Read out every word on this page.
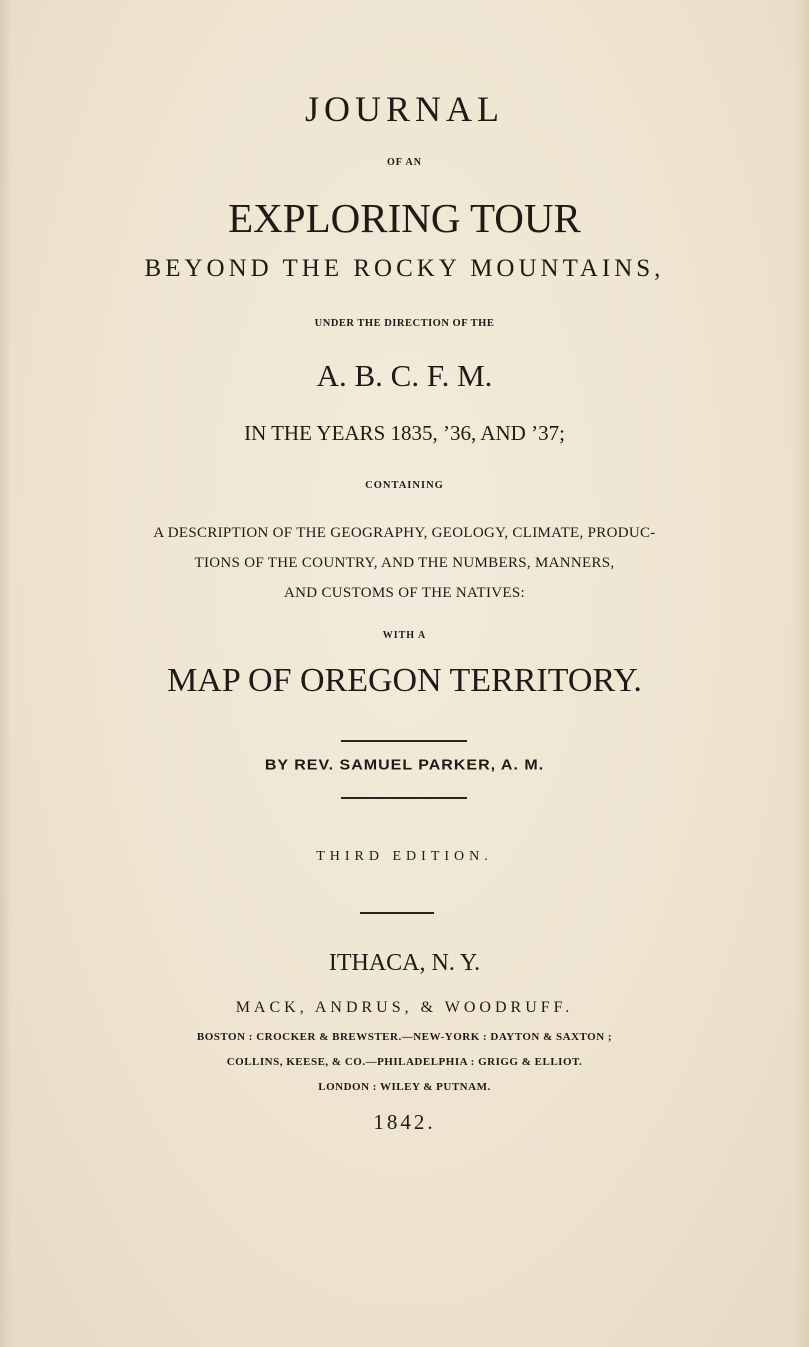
JOURNAL
OF AN
EXPLORING TOUR
BEYOND THE ROCKY MOUNTAINS,
UNDER THE DIRECTION OF THE
A. B. C. F. M.
IN THE YEARS 1835, ’36, AND ’37;
CONTAINING
A DESCRIPTION OF THE GEOGRAPHY, GEOLOGY, CLIMATE, PRODUC-
TIONS OF THE COUNTRY, AND THE NUMBERS, MANNERS,
AND CUSTOMS OF THE NATIVES:
WITH A
MAP OF OREGON TERRITORY.
BY REV. SAMUEL PARKER, A. M.
THIRD EDITION.
ITHACA, N. Y.
MACK, ANDRUS, & WOODRUFF.
BOSTON : CROCKER & BREWSTER.—NEW-YORK : DAYTON & SAXTON ;
COLLINS, KEESE, & CO.—PHILADELPHIA : GRIGG & ELLIOT.
LONDON : WILEY & PUTNAM.
1842.
